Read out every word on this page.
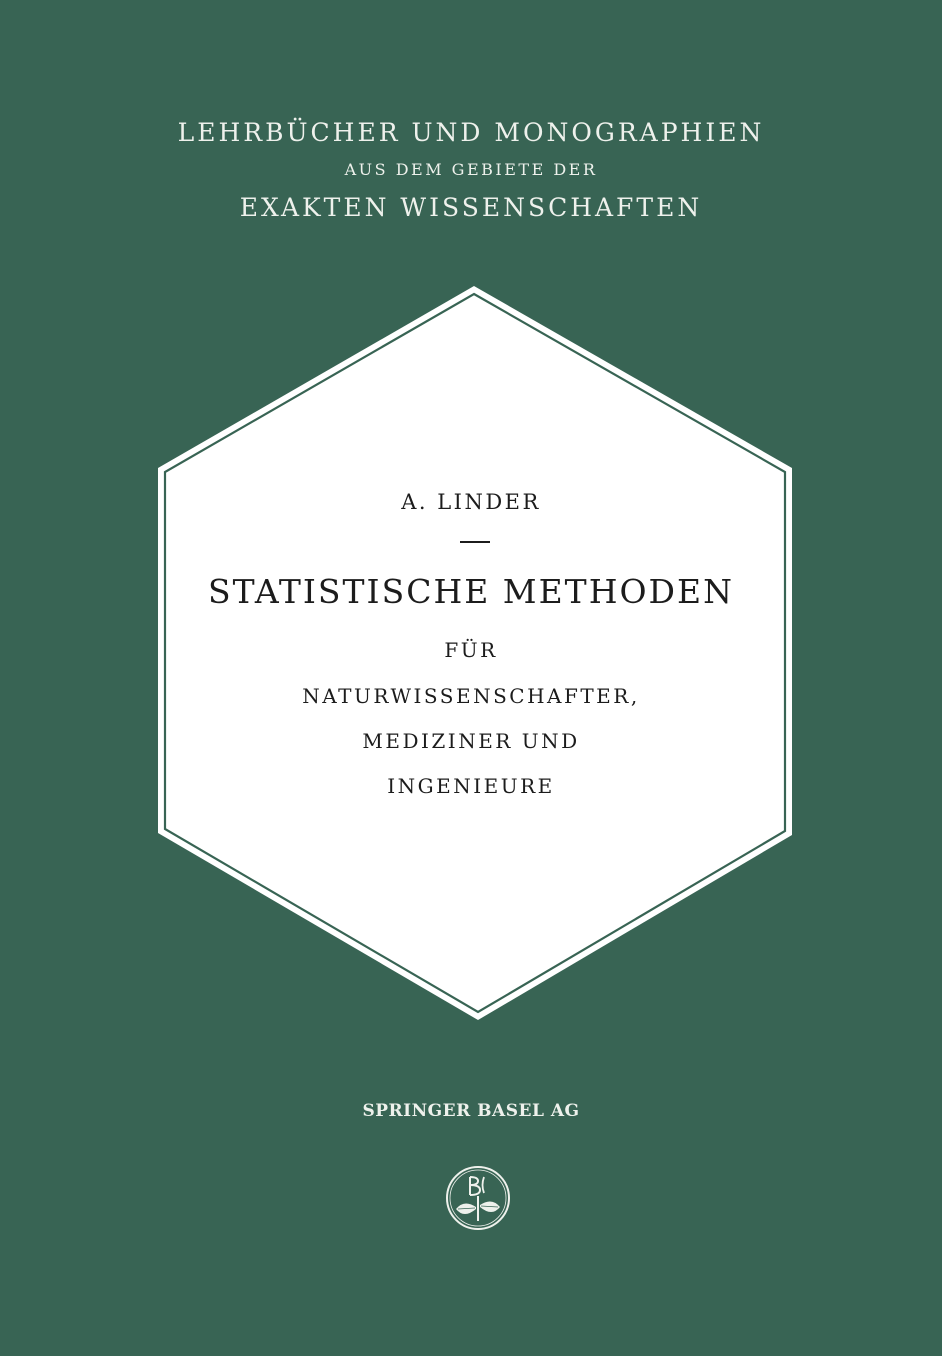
LEHRBÜCHER UND MONOGRAPHIEN
AUS DEM GEBIETE DER
EXAKTEN WISSENSCHAFTEN
A. LINDER
STATISTISCHE METHODEN
FÜR
NATURWISSENSCHAFTER,
MEDIZINER UND
INGENIEURE
SPRINGER BASEL AG
